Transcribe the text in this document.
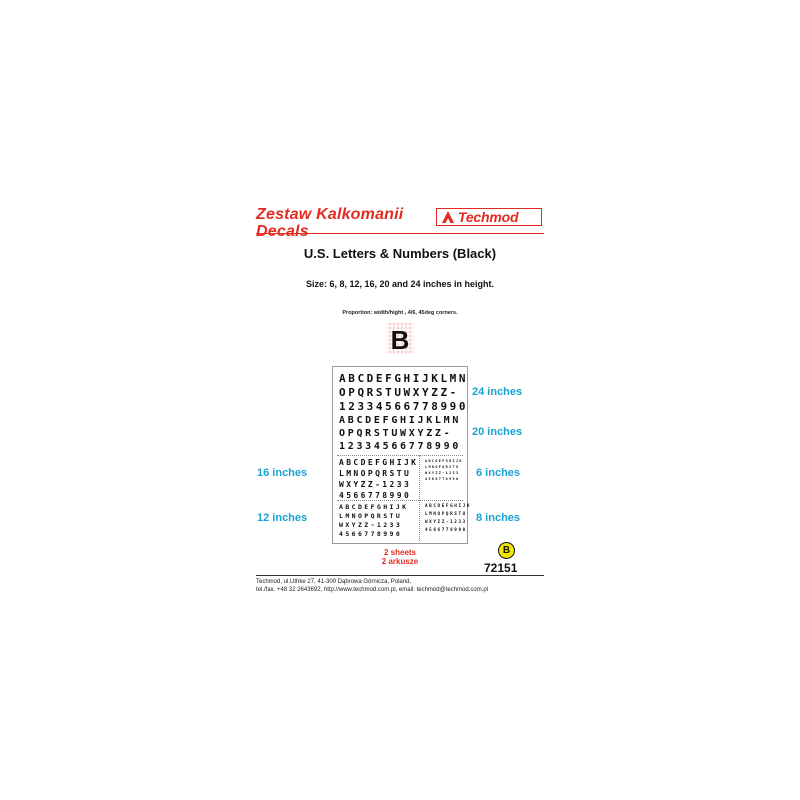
Zestaw Kalkomanii
Decals
Techmod
U.S. Letters & Numbers (Black)
Size: 6, 8, 12, 16, 20 and 24 inches in height.
Proportion: width/hight , 4/6, 45deg corners.
B
ABCDEFGHIJKLMN
OPQRSTUWXYZZ-
12334566778990
ABCDEFGHIJKLMN
OPQRSTUWXYZZ-
12334566778990
ABCDEFGHIJK
LMNOPQRSTU
WXYZZ-1233
4566778990
ABCDEFGHIJK
LMNOPQRSTU
WXYZZ-1233
4566778990
ABCDEFGHIJK
LMNOPQRSTU
WXYZZ-1233
4566778990
ABCDEFGHIJK
LMNOPQRSTU
WXYZZ-1233
4566778990
24 inches
20 inches
16 inches	6 inches
12 inches	8 inches
2 sheets
2 arkusze
B
72151
Techmod, ul.Uthke 27, 41-300 Dąbrowa Górnicza, Poland,
tel./fax. +48 32 2643692, http://www.techmod.com.pl, email: techmod@techmod.com.pl
